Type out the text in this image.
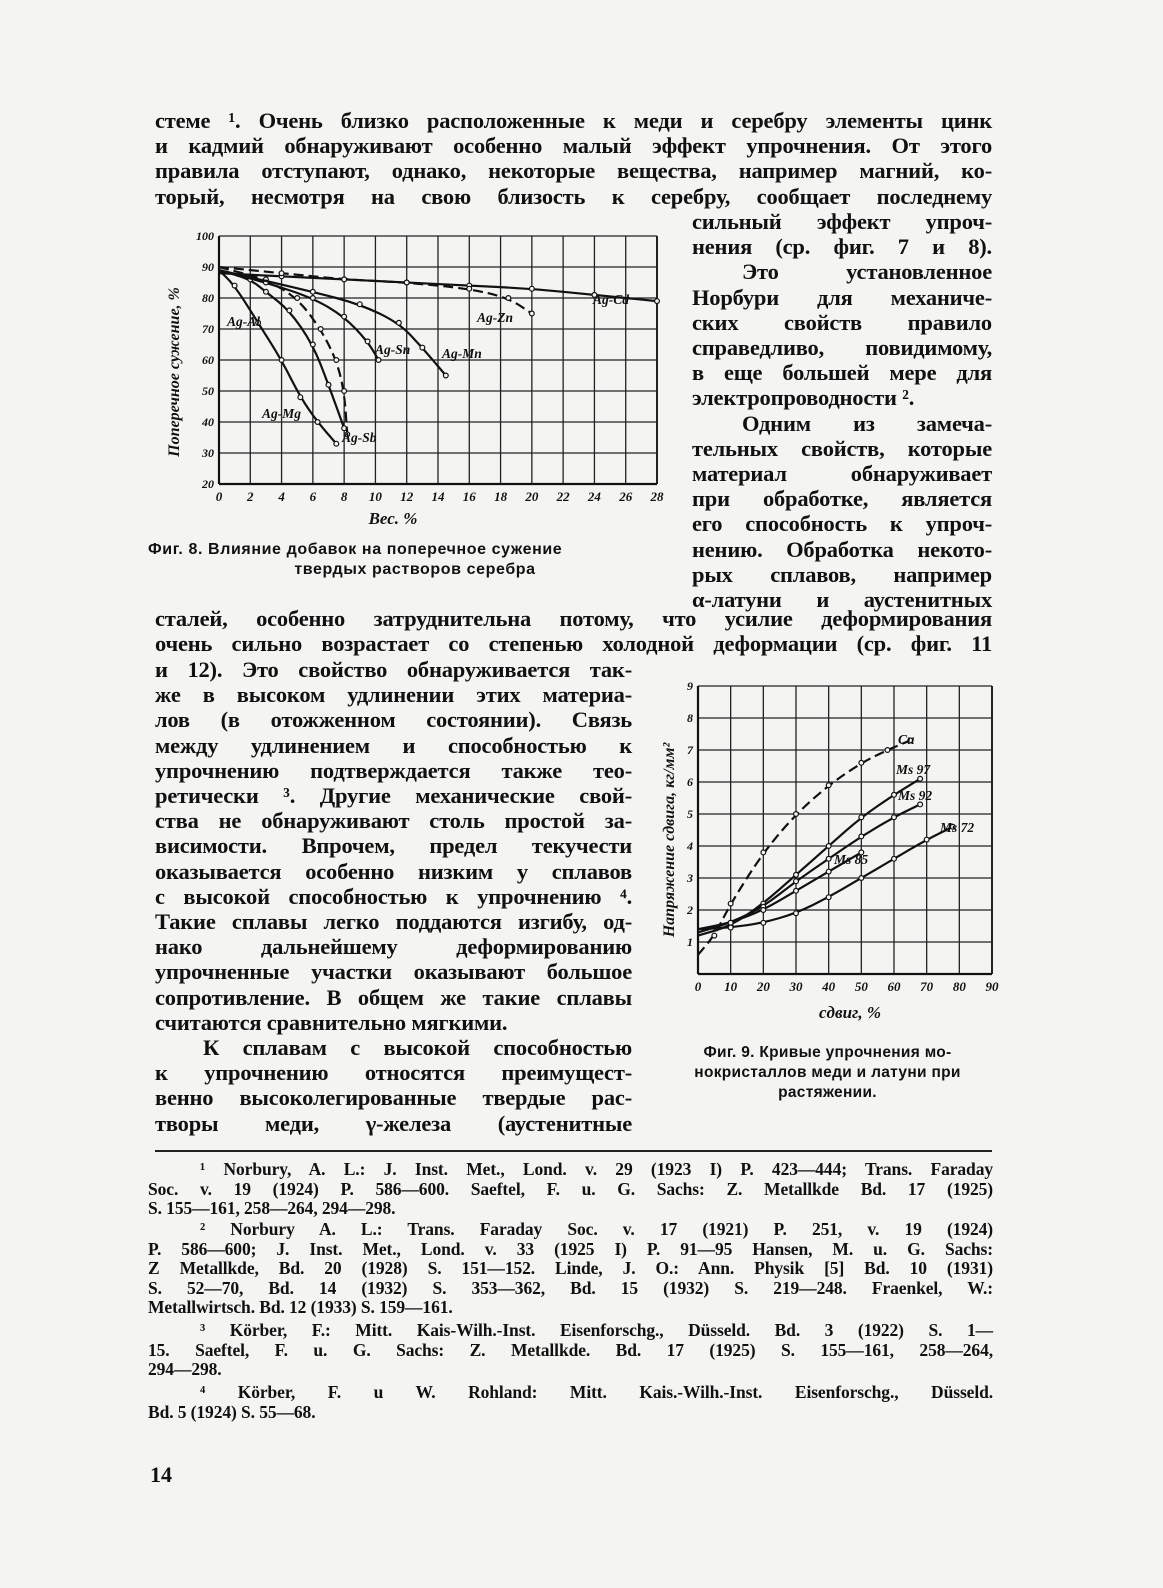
стеме ¹. Очень близко расположенные к меди и серебру элементы цинк
и кадмий обнаруживают особенно малый эффект упрочнения. От этого
правила отступают, однако, некоторые вещества, например магний, ко-
торый, несмотря на свою близость к серебру, сообщает последнему
сильный эффект упроч-
нения (ср. фиг. 7 и 8).
Это установленное
Норбури для механиче-
ских свойств правило
справедливо, повидимому,
в еще большей мере для
электропроводности ².
Одним из замеча-
тельных свойств, которые
материал обнаруживает
при обработке, является
его способность к упроч-
нению. Обработка некото-
рых сплавов, например
α-латуни и аустенитных
сталей, особенно затруднительна потому, что усилие деформирования
очень сильно возрастает со степенью холодной деформации (ср. фиг. 11
и 12). Это свойство обнаруживается так-
же в высоком удлинении этих материа-
лов (в отожженном состоянии). Связь
между удлинением и способностью к
упрочнению подтверждается также тео-
ретически ³. Другие механические свой-
ства не обнаруживают столь простой за-
висимости. Впрочем, предел текучести
оказывается особенно низким у сплавов
с высокой способностью к упрочнению ⁴.
Такие сплавы легко поддаются изгибу, од-
нако дальнейшему деформированию
упрочненные участки оказывают большое
сопротивление. В общем же такие сплавы
считаются сравнительно мягкими.
К сплавам с высокой способностью
к упрочнению относятся преимущест-
венно высоколегированные твердые рас-
творы меди, γ-железа (аустенитные
0 2 4 6 8 10 12 14 16 18 20 22 24 26 28
20
30
40
50
60
70
80
90
100
Ag-Cd
Ag-Zn
Ag-Al
Ag-Mg
Ag-Sb
Ag-Sn Ag-Mn
Вес. %
Поперечное сужение, %
Фиг. 8. Влияние добавок на поперечное сужение
твердых растворов серебра
0 10 20 30 40 50 60 70 80 90
1
2
3
4
5
6
7
8
9
Cu
Ms 97
Ms 92
Ms 85
Ms 72
сдвиг, %
Напряжение сдвига, кг/мм²
Фиг. 9. Кривые упрочнения мо-
нокристаллов меди и латуни при
растяжении.
¹ Norbury, A. L.: J. Inst. Met., Lond. v. 29 (1923 I) P. 423—444; Trans. Faraday
Soc. v. 19 (1924) P. 586—600. Saeftel, F. u. G. Sachs: Z. Metallkde Bd. 17 (1925)
S. 155—161, 258—264, 294—298.
² Norbury A. L.: Trans. Faraday Soc. v. 17 (1921) P. 251, v. 19 (1924)
P. 586—600; J. Inst. Met., Lond. v. 33 (1925 I) P. 91—95 Hansen, M. u. G. Sachs:
Z Metallkde, Bd. 20 (1928) S. 151—152. Linde, J. O.: Ann. Physik [5] Bd. 10 (1931)
S. 52—70, Bd. 14 (1932) S. 353—362, Bd. 15 (1932) S. 219—248. Fraenkel, W.:
Metallwirtsch. Bd. 12 (1933) S. 159—161.
³ Körber, F.: Mitt. Kais-Wilh.-Inst. Eisenforschg., Düsseld. Bd. 3 (1922) S. 1—
15. Saeftel, F. u. G. Sachs: Z. Metallkde. Bd. 17 (1925) S. 155—161, 258—264,
294—298.
⁴ Körber, F. u W. Rohland: Mitt. Kais.-Wilh.-Inst. Eisenforschg., Düsseld.
Bd. 5 (1924) S. 55—68.
14
